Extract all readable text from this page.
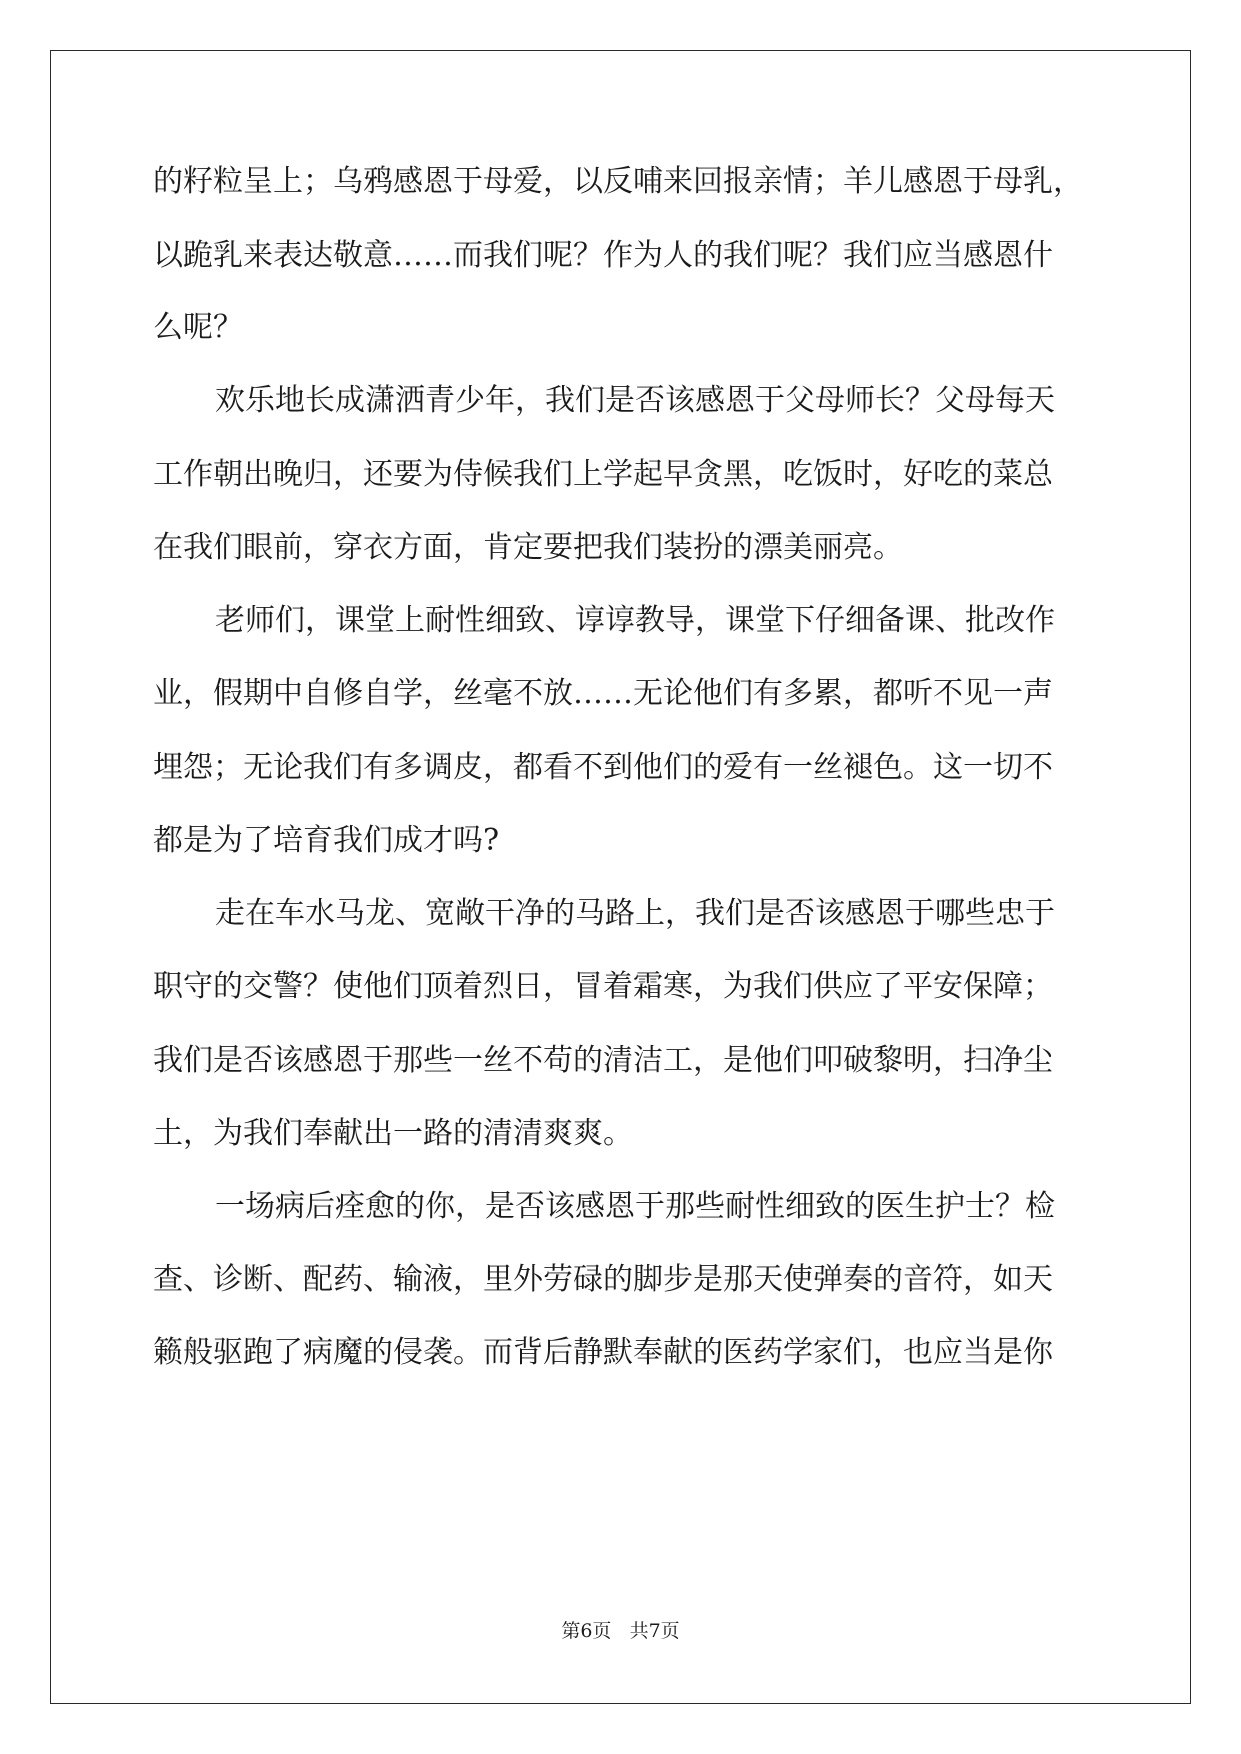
的籽粒呈上；乌鸦感恩于母爱，以反哺来回报亲情；羊儿感恩于母乳，
以跪乳来表达敬意……而我们呢？作为人的我们呢？我们应当感恩什
么呢？
欢乐地长成潇洒青少年，我们是否该感恩于父母师长？父母每天
工作朝出晚归，还要为侍候我们上学起早贪黑，吃饭时，好吃的菜总
在我们眼前，穿衣方面，肯定要把我们装扮的漂美丽亮。
老师们，课堂上耐性细致、谆谆教导，课堂下仔细备课、批改作
业，假期中自修自学，丝毫不放……无论他们有多累，都听不见一声
埋怨；无论我们有多调皮，都看不到他们的爱有一丝褪色。这一切不
都是为了培育我们成才吗?
走在车水马龙、宽敞干净的马路上，我们是否该感恩于哪些忠于
职守的交警？使他们顶着烈日，冒着霜寒，为我们供应了平安保障；
我们是否该感恩于那些一丝不苟的清洁工，是他们叩破黎明，扫净尘
土，为我们奉献出一路的清清爽爽。
一场病后痊愈的你，是否该感恩于那些耐性细致的医生护士？检
查、诊断、配药、输液，里外劳碌的脚步是那天使弹奏的音符，如天
籁般驱跑了病魔的侵袭。而背后静默奉献的医药学家们，也应当是你
第6页 共7页
